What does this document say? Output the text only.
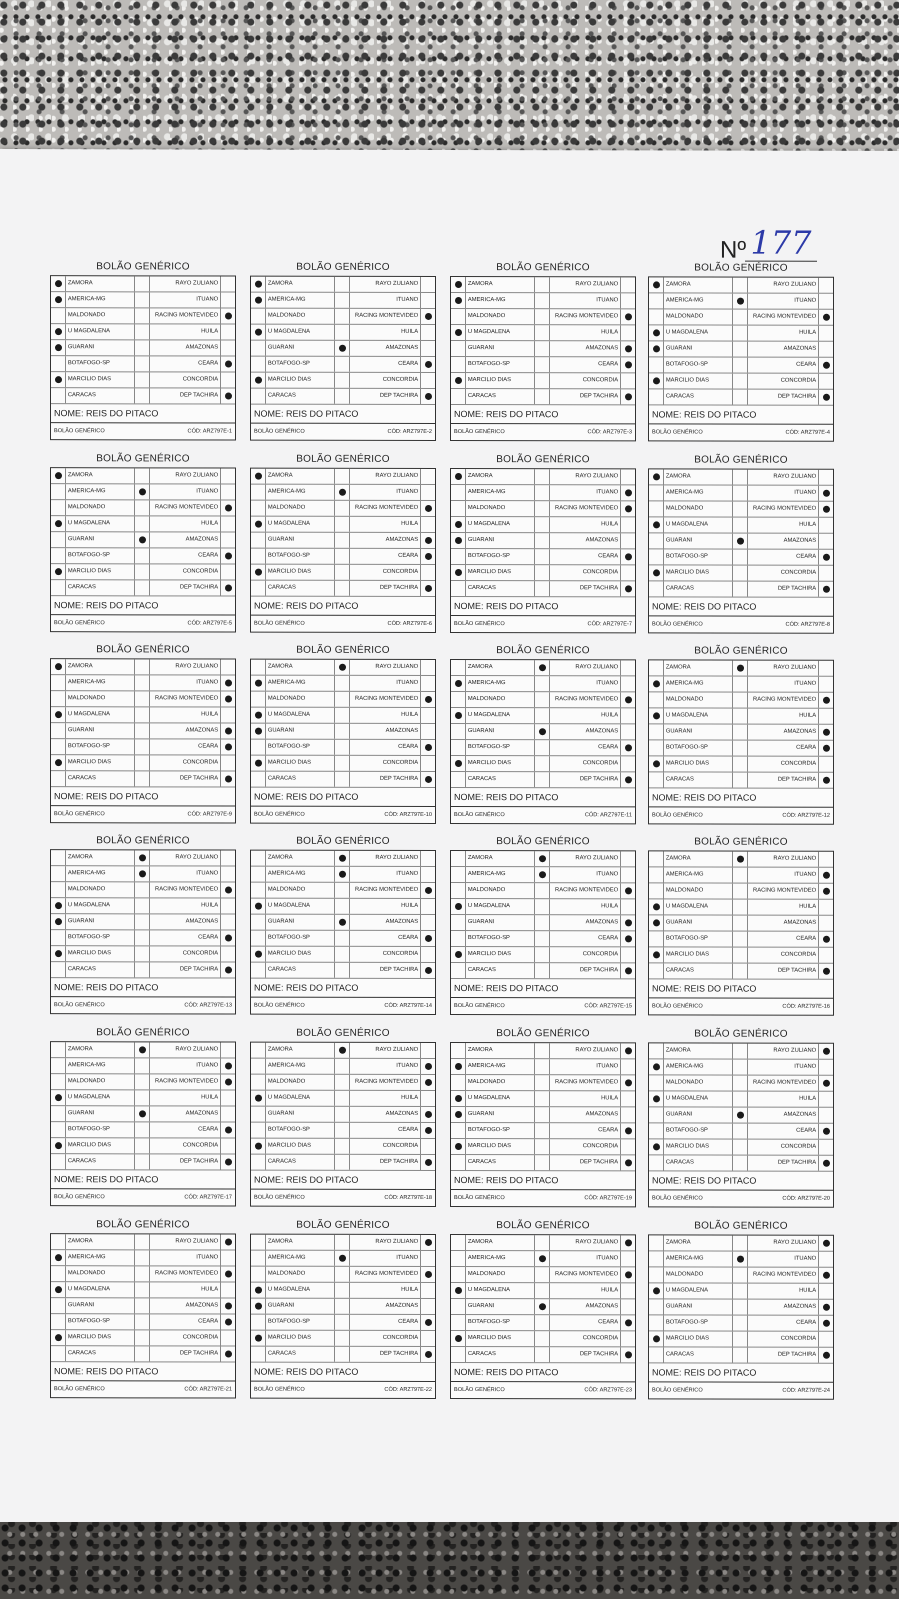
Nº 177
BOLÃO GENÉRICO
ZAMORA	RAYO ZULIANO
AMERICA-MG	ITUANO
MALDONADO	RACING MONTEVIDEO
U MAGDALENA	HUILA
GUARANI	AMAZONAS
BOTAFOGO-SP	CEARA
MARCILIO DIAS	CONCORDIA
CARACAS	DEP TACHIRA
NOME: REIS DO PITACO
BOLÃO GENÉRICO	CÓD: ARZ797E-1
BOLÃO GENÉRICO
ZAMORA	RAYO ZULIANO
AMERICA-MG	ITUANO
MALDONADO	RACING MONTEVIDEO
U MAGDALENA	HUILA
GUARANI	AMAZONAS
BOTAFOGO-SP	CEARA
MARCILIO DIAS	CONCORDIA
CARACAS	DEP TACHIRA
NOME: REIS DO PITACO
BOLÃO GENÉRICO	CÓD: ARZ797E-2
BOLÃO GENÉRICO
ZAMORA	RAYO ZULIANO
AMERICA-MG	ITUANO
MALDONADO	RACING MONTEVIDEO
U MAGDALENA	HUILA
GUARANI	AMAZONAS
BOTAFOGO-SP	CEARA
MARCILIO DIAS	CONCORDIA
CARACAS	DEP TACHIRA
NOME: REIS DO PITACO
BOLÃO GENÉRICO	CÓD: ARZ797E-3
BOLÃO GENÉRICO
ZAMORA	RAYO ZULIANO
AMERICA-MG	ITUANO
MALDONADO	RACING MONTEVIDEO
U MAGDALENA	HUILA
GUARANI	AMAZONAS
BOTAFOGO-SP	CEARA
MARCILIO DIAS	CONCORDIA
CARACAS	DEP TACHIRA
NOME: REIS DO PITACO
BOLÃO GENÉRICO	CÓD: ARZ797E-4
BOLÃO GENÉRICO
ZAMORA	RAYO ZULIANO
AMERICA-MG	ITUANO
MALDONADO	RACING MONTEVIDEO
U MAGDALENA	HUILA
GUARANI	AMAZONAS
BOTAFOGO-SP	CEARA
MARCILIO DIAS	CONCORDIA
CARACAS	DEP TACHIRA
NOME: REIS DO PITACO
BOLÃO GENÉRICO	CÓD: ARZ797E-5
BOLÃO GENÉRICO
ZAMORA	RAYO ZULIANO
AMERICA-MG	ITUANO
MALDONADO	RACING MONTEVIDEO
U MAGDALENA	HUILA
GUARANI	AMAZONAS
BOTAFOGO-SP	CEARA
MARCILIO DIAS	CONCORDIA
CARACAS	DEP TACHIRA
NOME: REIS DO PITACO
BOLÃO GENÉRICO	CÓD: ARZ797E-6
BOLÃO GENÉRICO
ZAMORA	RAYO ZULIANO
AMERICA-MG	ITUANO
MALDONADO	RACING MONTEVIDEO
U MAGDALENA	HUILA
GUARANI	AMAZONAS
BOTAFOGO-SP	CEARA
MARCILIO DIAS	CONCORDIA
CARACAS	DEP TACHIRA
NOME: REIS DO PITACO
BOLÃO GENÉRICO	CÓD: ARZ797E-7
BOLÃO GENÉRICO
ZAMORA	RAYO ZULIANO
AMERICA-MG	ITUANO
MALDONADO	RACING MONTEVIDEO
U MAGDALENA	HUILA
GUARANI	AMAZONAS
BOTAFOGO-SP	CEARA
MARCILIO DIAS	CONCORDIA
CARACAS	DEP TACHIRA
NOME: REIS DO PITACO
BOLÃO GENÉRICO	CÓD: ARZ797E-8
BOLÃO GENÉRICO
ZAMORA	RAYO ZULIANO
AMERICA-MG	ITUANO
MALDONADO	RACING MONTEVIDEO
U MAGDALENA	HUILA
GUARANI	AMAZONAS
BOTAFOGO-SP	CEARA
MARCILIO DIAS	CONCORDIA
CARACAS	DEP TACHIRA
NOME: REIS DO PITACO
BOLÃO GENÉRICO	CÓD: ARZ797E-9
BOLÃO GENÉRICO
ZAMORA	RAYO ZULIANO
AMERICA-MG	ITUANO
MALDONADO	RACING MONTEVIDEO
U MAGDALENA	HUILA
GUARANI	AMAZONAS
BOTAFOGO-SP	CEARA
MARCILIO DIAS	CONCORDIA
CARACAS	DEP TACHIRA
NOME: REIS DO PITACO
BOLÃO GENÉRICO	CÓD: ARZ797E-10
BOLÃO GENÉRICO
ZAMORA	RAYO ZULIANO
AMERICA-MG	ITUANO
MALDONADO	RACING MONTEVIDEO
U MAGDALENA	HUILA
GUARANI	AMAZONAS
BOTAFOGO-SP	CEARA
MARCILIO DIAS	CONCORDIA
CARACAS	DEP TACHIRA
NOME: REIS DO PITACO
BOLÃO GENÉRICO	CÓD: ARZ797E-11
BOLÃO GENÉRICO
ZAMORA	RAYO ZULIANO
AMERICA-MG	ITUANO
MALDONADO	RACING MONTEVIDEO
U MAGDALENA	HUILA
GUARANI	AMAZONAS
BOTAFOGO-SP	CEARA
MARCILIO DIAS	CONCORDIA
CARACAS	DEP TACHIRA
NOME: REIS DO PITACO
BOLÃO GENÉRICO	CÓD: ARZ797E-12
BOLÃO GENÉRICO
ZAMORA	RAYO ZULIANO
AMERICA-MG	ITUANO
MALDONADO	RACING MONTEVIDEO
U MAGDALENA	HUILA
GUARANI	AMAZONAS
BOTAFOGO-SP	CEARA
MARCILIO DIAS	CONCORDIA
CARACAS	DEP TACHIRA
NOME: REIS DO PITACO
BOLÃO GENÉRICO	CÓD: ARZ797E-13
BOLÃO GENÉRICO
ZAMORA	RAYO ZULIANO
AMERICA-MG	ITUANO
MALDONADO	RACING MONTEVIDEO
U MAGDALENA	HUILA
GUARANI	AMAZONAS
BOTAFOGO-SP	CEARA
MARCILIO DIAS	CONCORDIA
CARACAS	DEP TACHIRA
NOME: REIS DO PITACO
BOLÃO GENÉRICO	CÓD: ARZ797E-14
BOLÃO GENÉRICO
ZAMORA	RAYO ZULIANO
AMERICA-MG	ITUANO
MALDONADO	RACING MONTEVIDEO
U MAGDALENA	HUILA
GUARANI	AMAZONAS
BOTAFOGO-SP	CEARA
MARCILIO DIAS	CONCORDIA
CARACAS	DEP TACHIRA
NOME: REIS DO PITACO
BOLÃO GENÉRICO	CÓD: ARZ797E-15
BOLÃO GENÉRICO
ZAMORA	RAYO ZULIANO
AMERICA-MG	ITUANO
MALDONADO	RACING MONTEVIDEO
U MAGDALENA	HUILA
GUARANI	AMAZONAS
BOTAFOGO-SP	CEARA
MARCILIO DIAS	CONCORDIA
CARACAS	DEP TACHIRA
NOME: REIS DO PITACO
BOLÃO GENÉRICO	CÓD: ARZ797E-16
BOLÃO GENÉRICO
ZAMORA	RAYO ZULIANO
AMERICA-MG	ITUANO
MALDONADO	RACING MONTEVIDEO
U MAGDALENA	HUILA
GUARANI	AMAZONAS
BOTAFOGO-SP	CEARA
MARCILIO DIAS	CONCORDIA
CARACAS	DEP TACHIRA
NOME: REIS DO PITACO
BOLÃO GENÉRICO	CÓD: ARZ797E-17
BOLÃO GENÉRICO
ZAMORA	RAYO ZULIANO
AMERICA-MG	ITUANO
MALDONADO	RACING MONTEVIDEO
U MAGDALENA	HUILA
GUARANI	AMAZONAS
BOTAFOGO-SP	CEARA
MARCILIO DIAS	CONCORDIA
CARACAS	DEP TACHIRA
NOME: REIS DO PITACO
BOLÃO GENÉRICO	CÓD: ARZ797E-18
BOLÃO GENÉRICO
ZAMORA	RAYO ZULIANO
AMERICA-MG	ITUANO
MALDONADO	RACING MONTEVIDEO
U MAGDALENA	HUILA
GUARANI	AMAZONAS
BOTAFOGO-SP	CEARA
MARCILIO DIAS	CONCORDIA
CARACAS	DEP TACHIRA
NOME: REIS DO PITACO
BOLÃO GENÉRICO	CÓD: ARZ797E-19
BOLÃO GENÉRICO
ZAMORA	RAYO ZULIANO
AMERICA-MG	ITUANO
MALDONADO	RACING MONTEVIDEO
U MAGDALENA	HUILA
GUARANI	AMAZONAS
BOTAFOGO-SP	CEARA
MARCILIO DIAS	CONCORDIA
CARACAS	DEP TACHIRA
NOME: REIS DO PITACO
BOLÃO GENÉRICO	CÓD: ARZ797E-20
BOLÃO GENÉRICO
ZAMORA	RAYO ZULIANO
AMERICA-MG	ITUANO
MALDONADO	RACING MONTEVIDEO
U MAGDALENA	HUILA
GUARANI	AMAZONAS
BOTAFOGO-SP	CEARA
MARCILIO DIAS	CONCORDIA
CARACAS	DEP TACHIRA
NOME: REIS DO PITACO
BOLÃO GENÉRICO	CÓD: ARZ797E-21
BOLÃO GENÉRICO
ZAMORA	RAYO ZULIANO
AMERICA-MG	ITUANO
MALDONADO	RACING MONTEVIDEO
U MAGDALENA	HUILA
GUARANI	AMAZONAS
BOTAFOGO-SP	CEARA
MARCILIO DIAS	CONCORDIA
CARACAS	DEP TACHIRA
NOME: REIS DO PITACO
BOLÃO GENÉRICO	CÓD: ARZ797E-22
BOLÃO GENÉRICO
ZAMORA	RAYO ZULIANO
AMERICA-MG	ITUANO
MALDONADO	RACING MONTEVIDEO
U MAGDALENA	HUILA
GUARANI	AMAZONAS
BOTAFOGO-SP	CEARA
MARCILIO DIAS	CONCORDIA
CARACAS	DEP TACHIRA
NOME: REIS DO PITACO
BOLÃO GENÉRICO	CÓD: ARZ797E-23
BOLÃO GENÉRICO
ZAMORA	RAYO ZULIANO
AMERICA-MG	ITUANO
MALDONADO	RACING MONTEVIDEO
U MAGDALENA	HUILA
GUARANI	AMAZONAS
BOTAFOGO-SP	CEARA
MARCILIO DIAS	CONCORDIA
CARACAS	DEP TACHIRA
NOME: REIS DO PITACO
BOLÃO GENÉRICO	CÓD: ARZ797E-24
